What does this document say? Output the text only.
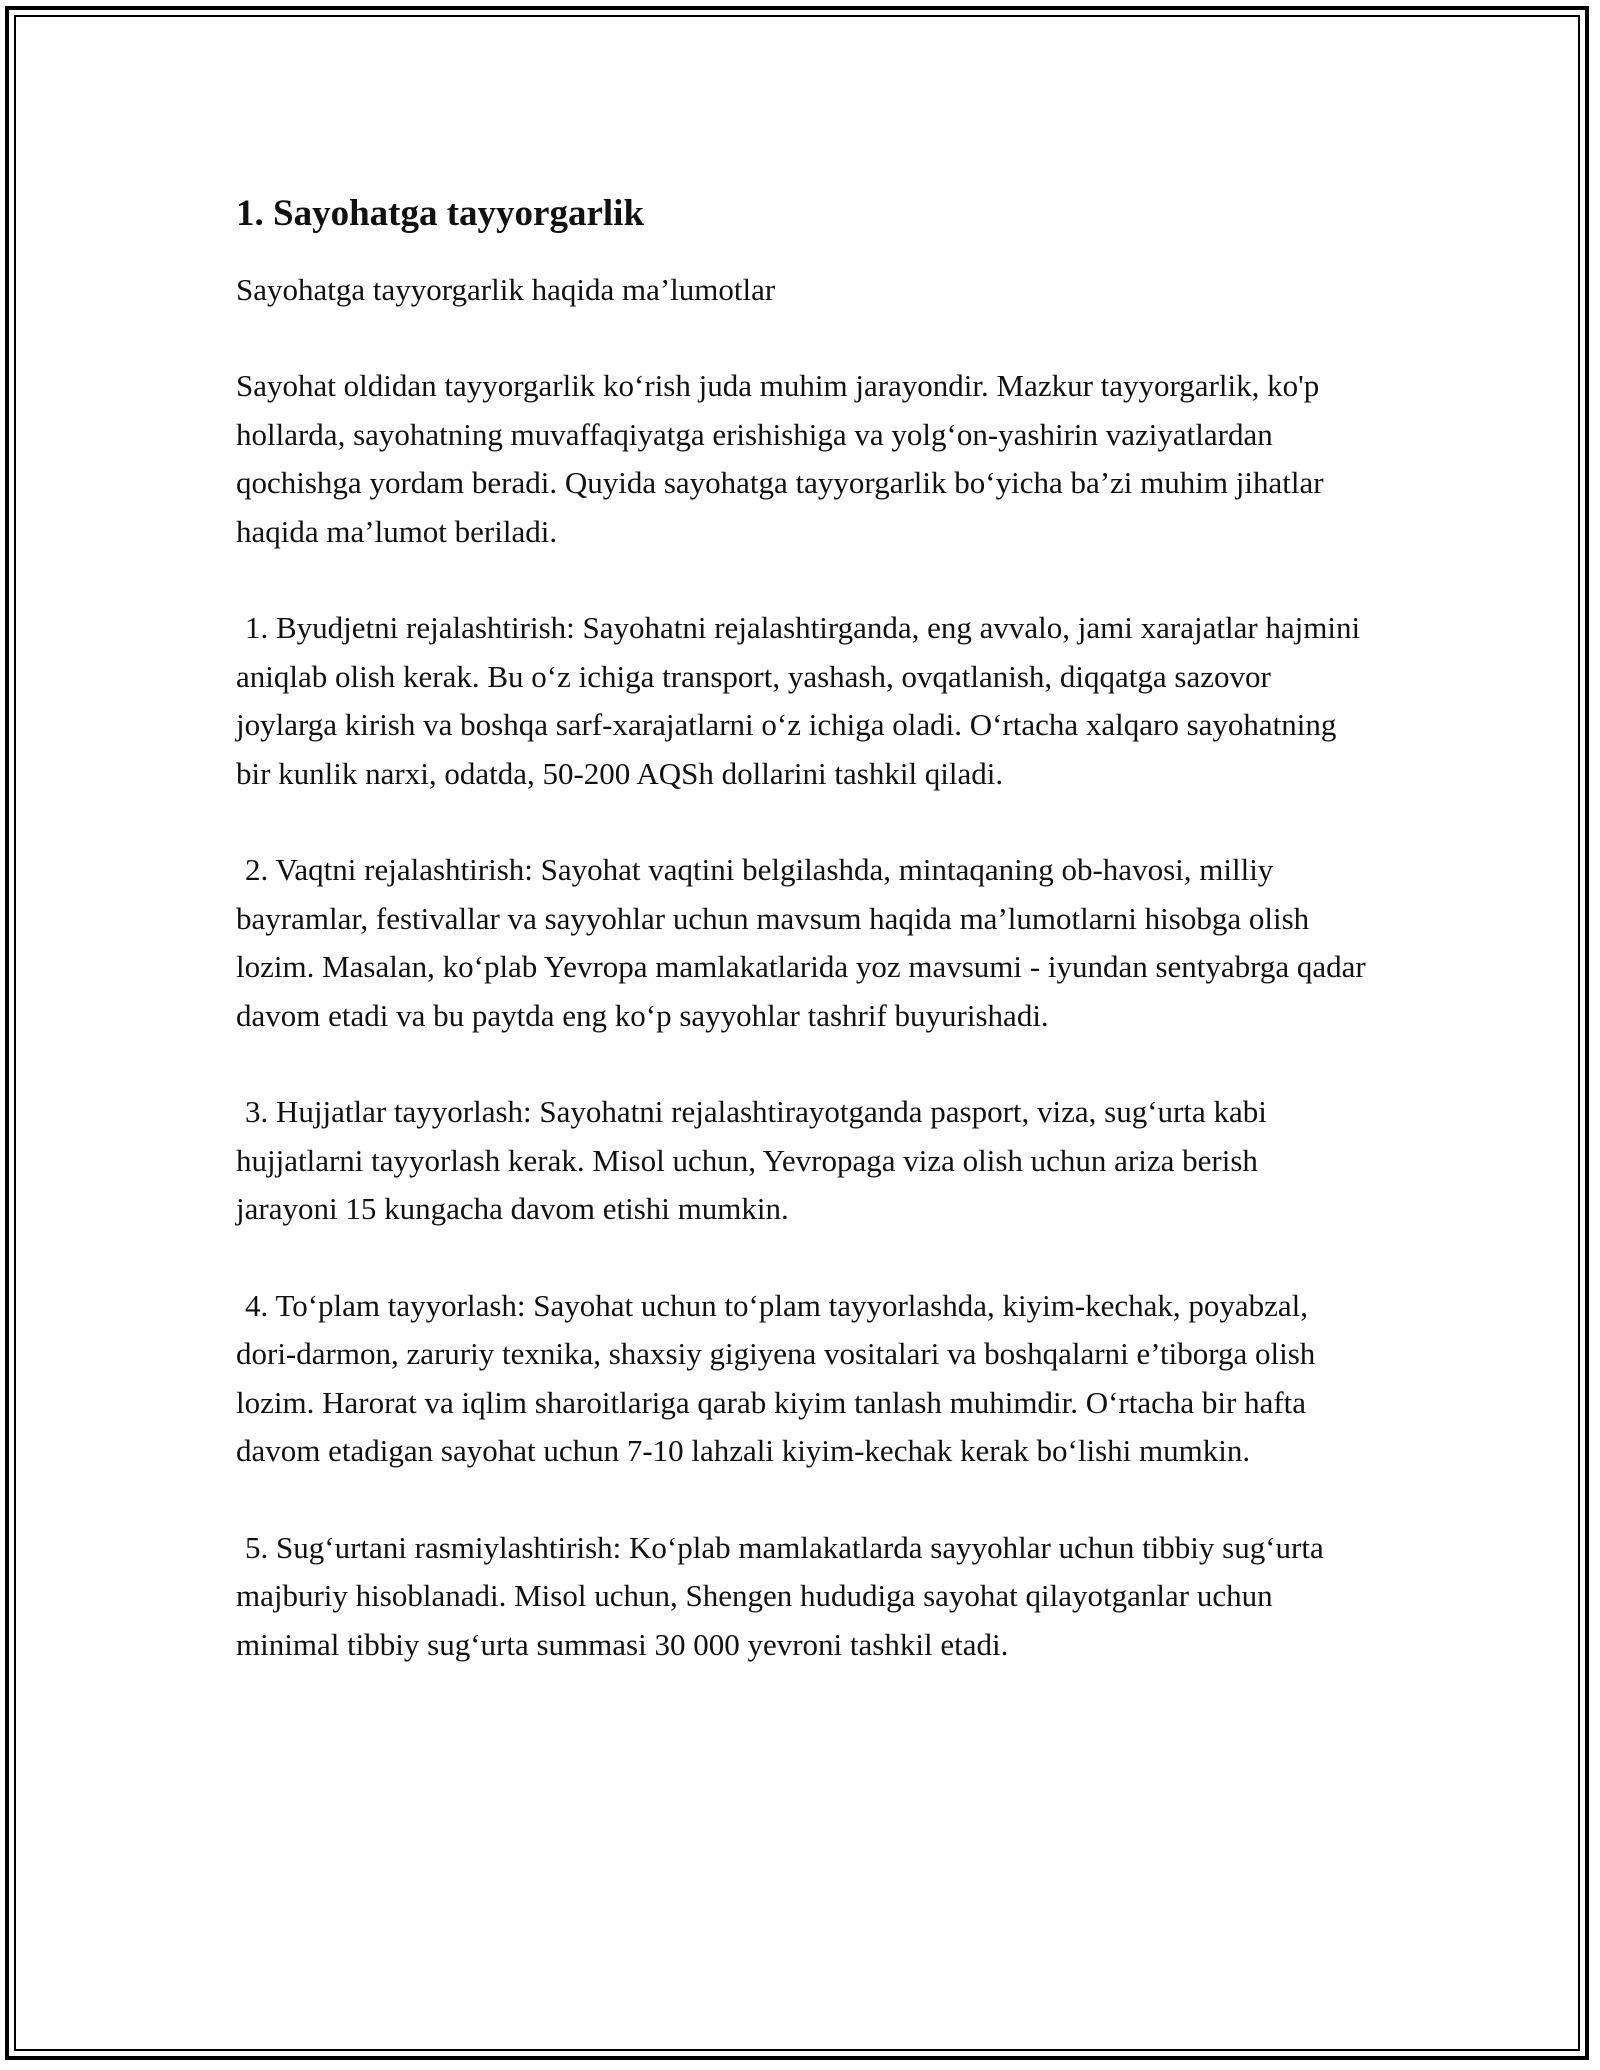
1. Sayohatga tayyorgarlik

Sayohatga tayyorgarlik haqida ma’lumotlar

Sayohat oldidan tayyorgarlik ko‘rish juda muhim jarayondir. Mazkur tayyorgarlik, ko'p hollarda, sayohatning muvaffaqiyatga erishishiga va yolg‘on-yashirin vaziyatlardan qochishga yordam beradi. Quyida sayohatga tayyorgarlik bo‘yicha ba’zi muhim jihatlar haqida ma’lumot beriladi.

1. Byudjetni rejalashtirish: Sayohatni rejalashtirganda, eng avvalo, jami xarajatlar hajmini aniqlab olish kerak. Bu o‘z ichiga transport, yashash, ovqatlanish, diqqatga sazovor joylarga kirish va boshqa sarf-xarajatlarni o‘z ichiga oladi. O‘rtacha xalqaro sayohatning bir kunlik narxi, odatda, 50-200 AQSh dollarini tashkil qiladi.

2. Vaqtni rejalashtirish: Sayohat vaqtini belgilashda, mintaqaning ob-havosi, milliy bayramlar, festivallar va sayyohlar uchun mavsum haqida ma’lumotlarni hisobga olish lozim. Masalan, ko‘plab Yevropa mamlakatlarida yoz mavsumi - iyundan sentyabrga qadar davom etadi va bu paytda eng ko‘p sayyohlar tashrif buyurishadi.

3. Hujjatlar tayyorlash: Sayohatni rejalashtirayotganda pasport, viza, sug‘urta kabi hujjatlarni tayyorlash kerak. Misol uchun, Yevropaga viza olish uchun ariza berish jarayoni 15 kungacha davom etishi mumkin.

4. To‘plam tayyorlash: Sayohat uchun to‘plam tayyorlashda, kiyim-kechak, poyabzal, dori-darmon, zaruriy texnika, shaxsiy gigiyena vositalari va boshqalarni e’tiborga olish lozim. Harorat va iqlim sharoitlariga qarab kiyim tanlash muhimdir. O‘rtacha bir hafta davom etadigan sayohat uchun 7-10 lahzali kiyim-kechak kerak bo‘lishi mumkin.

5. Sug‘urtani rasmiylashtirish: Ko‘plab mamlakatlarda sayyohlar uchun tibbiy sug‘urta majburiy hisoblanadi. Misol uchun, Shengen hududiga sayohat qilayotganlar uchun minimal tibbiy sug‘urta summasi 30 000 yevroni tashkil etadi.
